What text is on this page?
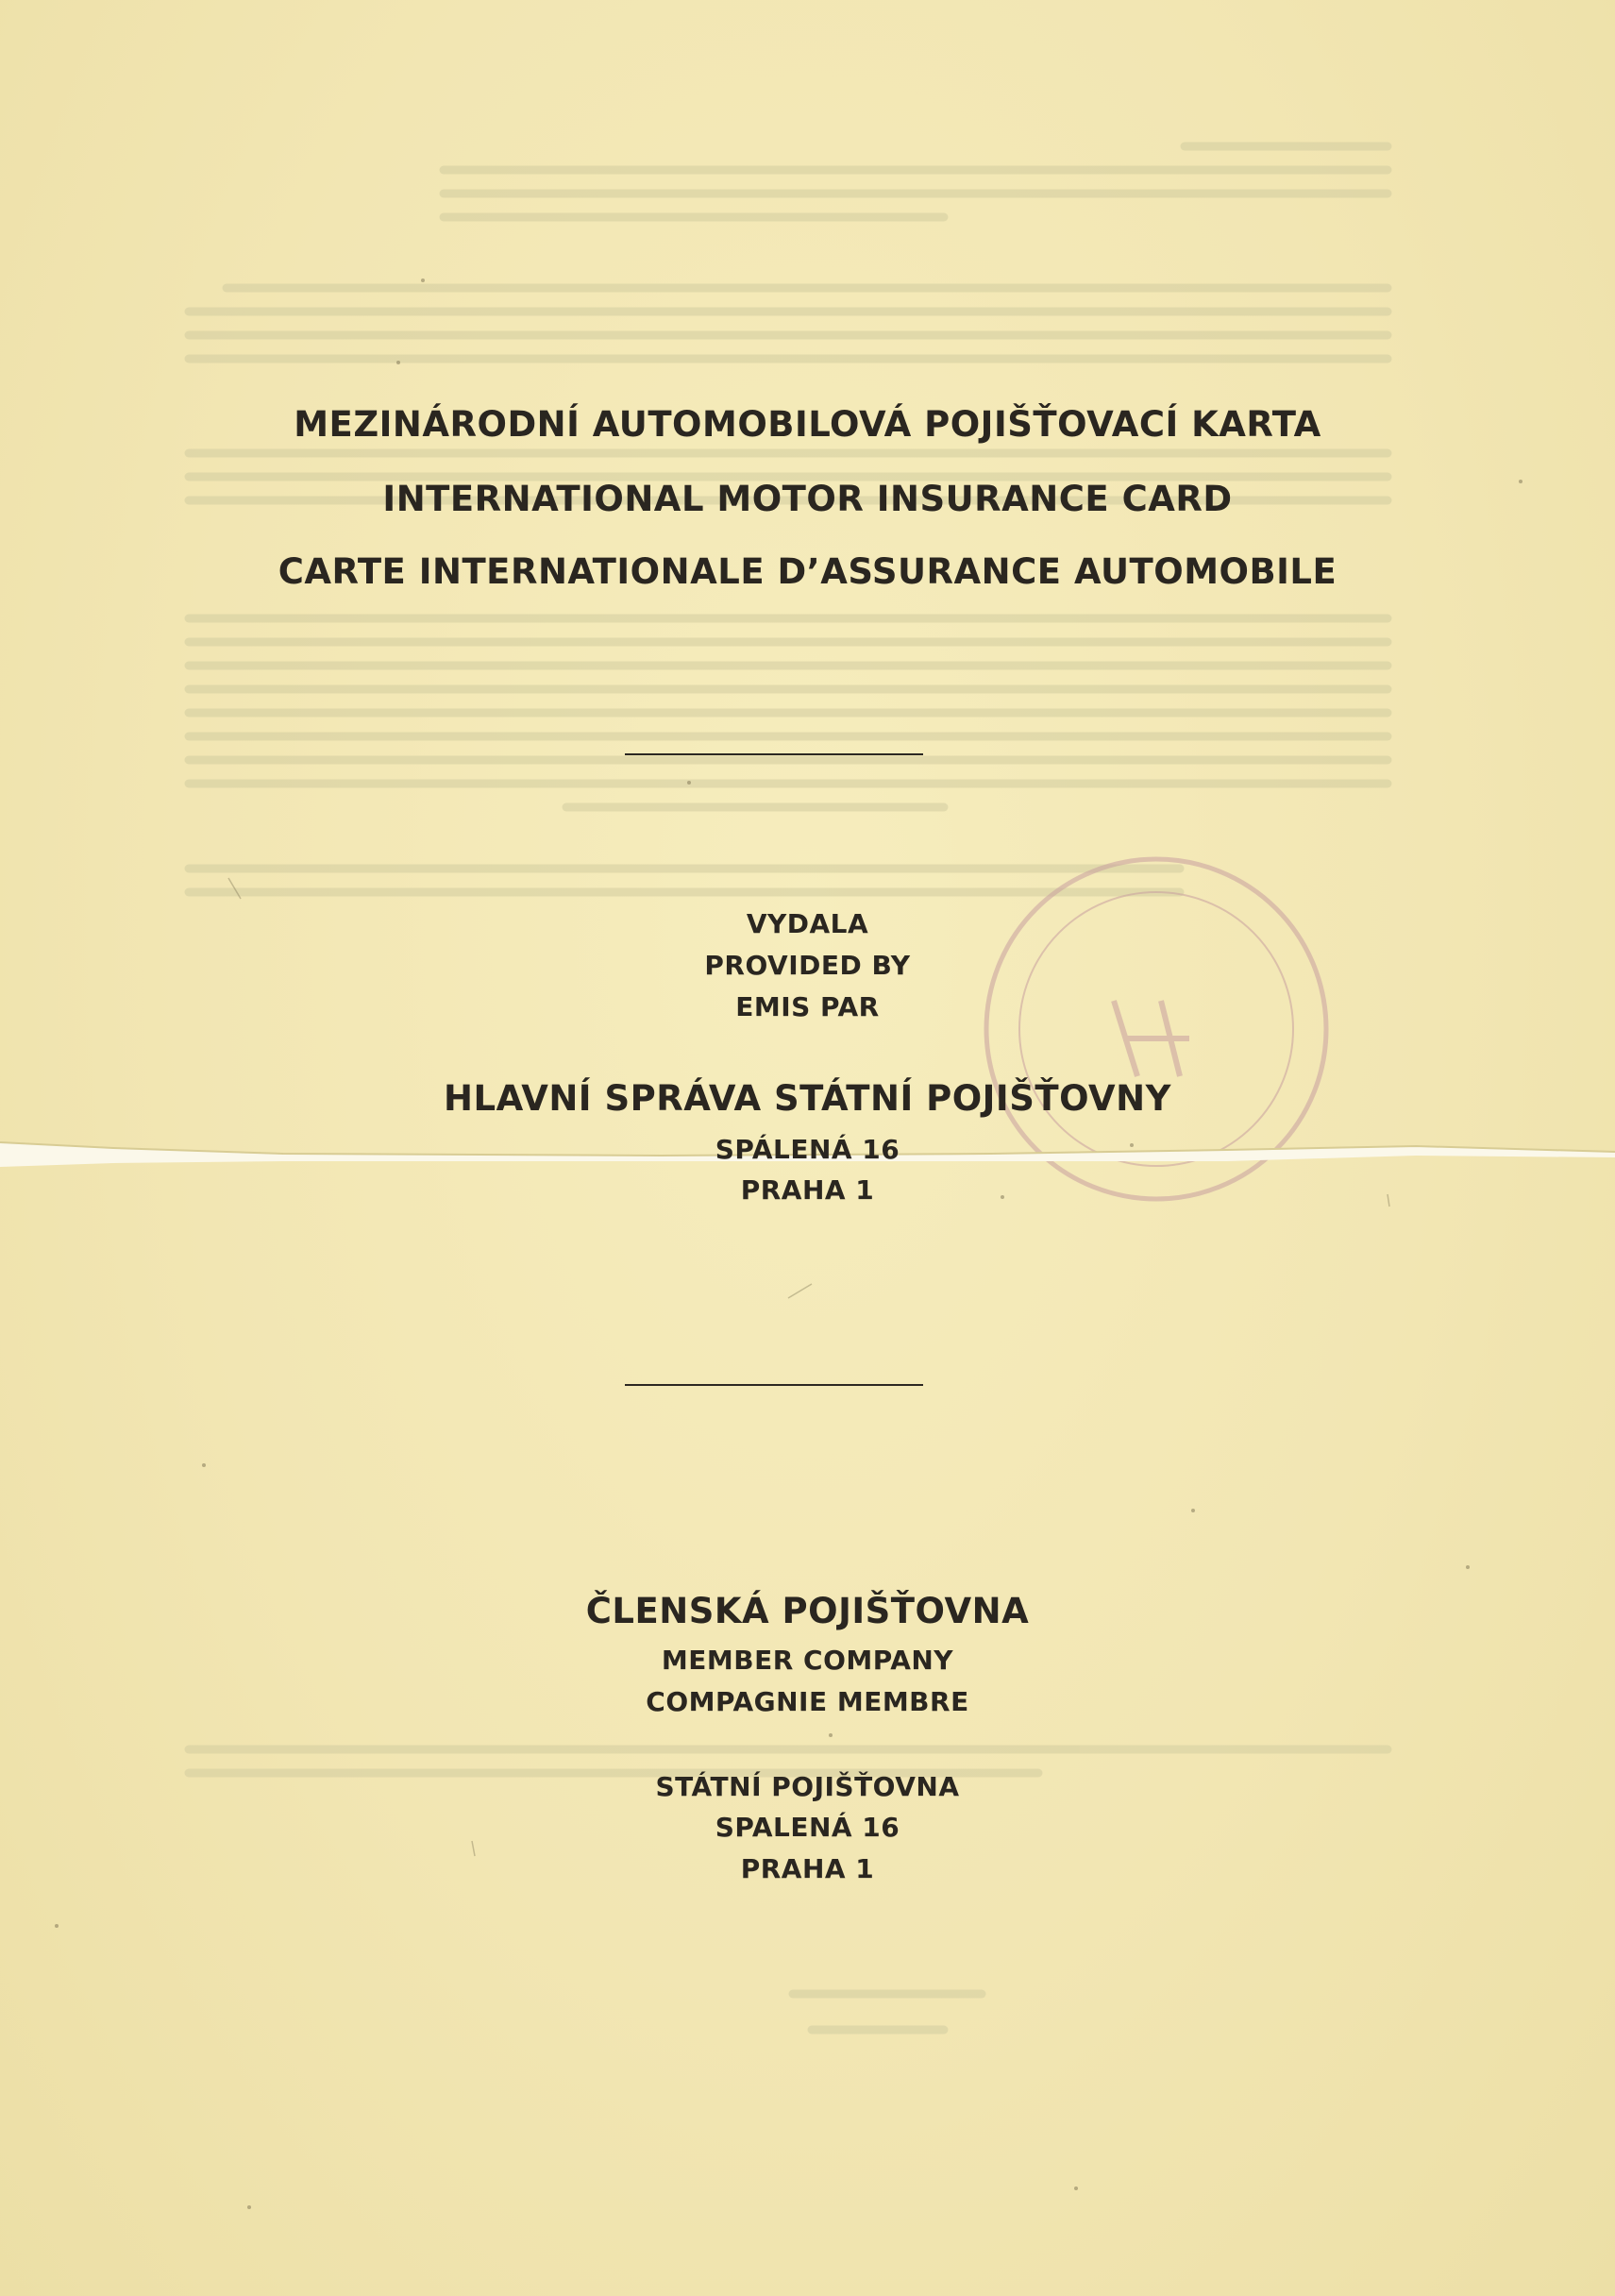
MEZINÁRODNÍ AUTOMOBILOVÁ POJIŠŤOVACÍ KARTA
INTERNATIONAL MOTOR INSURANCE CARD
CARTE INTERNATIONALE D’ASSURANCE AUTOMOBILE
VYDALA
PROVIDED BY
EMIS PAR
HLAVNÍ SPRÁVA STÁTNÍ POJIŠŤOVNY
SPÁLENÁ 16
PRAHA 1
ČLENSKÁ POJIŠŤOVNA
MEMBER COMPANY
COMPAGNIE MEMBRE
STÁTNÍ POJIŠŤOVNA
SPALENÁ 16
PRAHA 1
